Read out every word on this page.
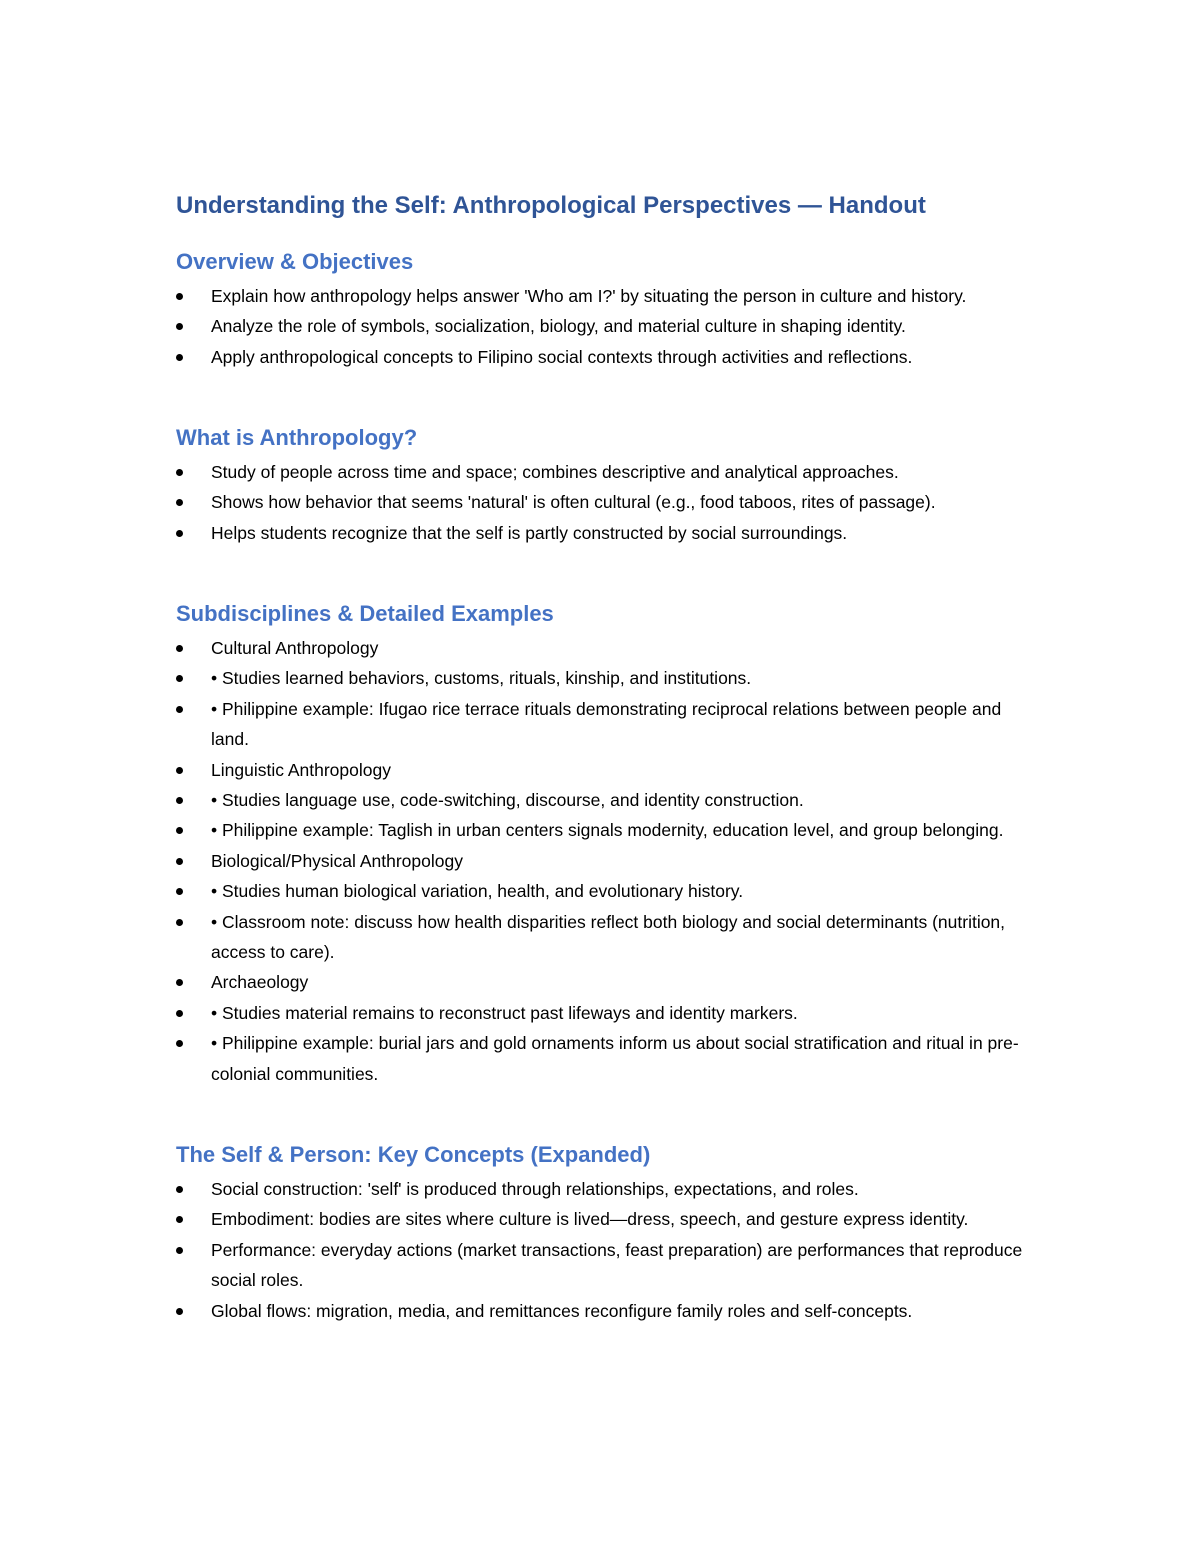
Understanding the Self: Anthropological Perspectives — Handout
Overview & Objectives
Explain how anthropology helps answer 'Who am I?' by situating the person in culture and history.
Analyze the role of symbols, socialization, biology, and material culture in shaping identity.
Apply anthropological concepts to Filipino social contexts through activities and reflections.
What is Anthropology?
Study of people across time and space; combines descriptive and analytical approaches.
Shows how behavior that seems 'natural' is often cultural (e.g., food taboos, rites of passage).
Helps students recognize that the self is partly constructed by social surroundings.
Subdisciplines & Detailed Examples
Cultural Anthropology
• Studies learned behaviors, customs, rituals, kinship, and institutions.
• Philippine example: Ifugao rice terrace rituals demonstrating reciprocal relations between people and land.
Linguistic Anthropology
• Studies language use, code-switching, discourse, and identity construction.
• Philippine example: Taglish in urban centers signals modernity, education level, and group belonging.
Biological/Physical Anthropology
• Studies human biological variation, health, and evolutionary history.
• Classroom note: discuss how health disparities reflect both biology and social determinants (nutrition, access to care).
Archaeology
• Studies material remains to reconstruct past lifeways and identity markers.
• Philippine example: burial jars and gold ornaments inform us about social stratification and ritual in pre-colonial communities.
The Self & Person: Key Concepts (Expanded)
Social construction: 'self' is produced through relationships, expectations, and roles.
Embodiment: bodies are sites where culture is lived—dress, speech, and gesture express identity.
Performance: everyday actions (market transactions, feast preparation) are performances that reproduce social roles.
Global flows: migration, media, and remittances reconfigure family roles and self-concepts.
